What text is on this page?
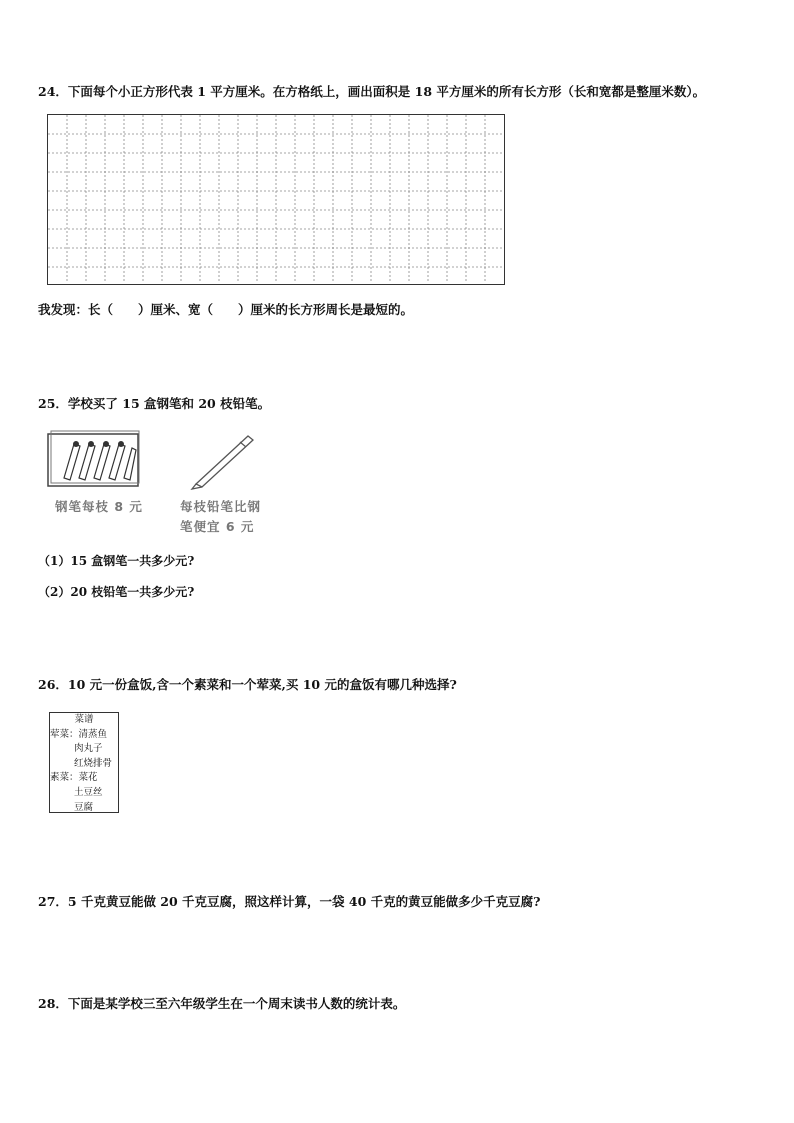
24．下面每个小正方形代表 1 平方厘米。在方格纸上，画出面积是 18 平方厘米的所有长方形（长和宽都是整厘米数）。
我发现：长（　　）厘米、宽（　　）厘米的长方形周长是最短的。
25．学校买了 15 盒钢笔和 20 枝铅笔。
钢笔每枝 8 元	每枝铅笔比钢
笔便宜 6 元
（1）15 盒钢笔一共多少元?
（2）20 枝铅笔一共多少元?
26．10 元一份盒饭,含一个素菜和一个荤菜,买 10 元的盒饭有哪几种选择?
菜谱
荤菜：清蒸鱼
肉丸子
红烧排骨
素菜：菜花
土豆丝
豆腐
27．5 千克黄豆能做 20 千克豆腐，照这样计算，一袋 40 千克的黄豆能做多少千克豆腐?
28．下面是某学校三至六年级学生在一个周末读书人数的统计表。
